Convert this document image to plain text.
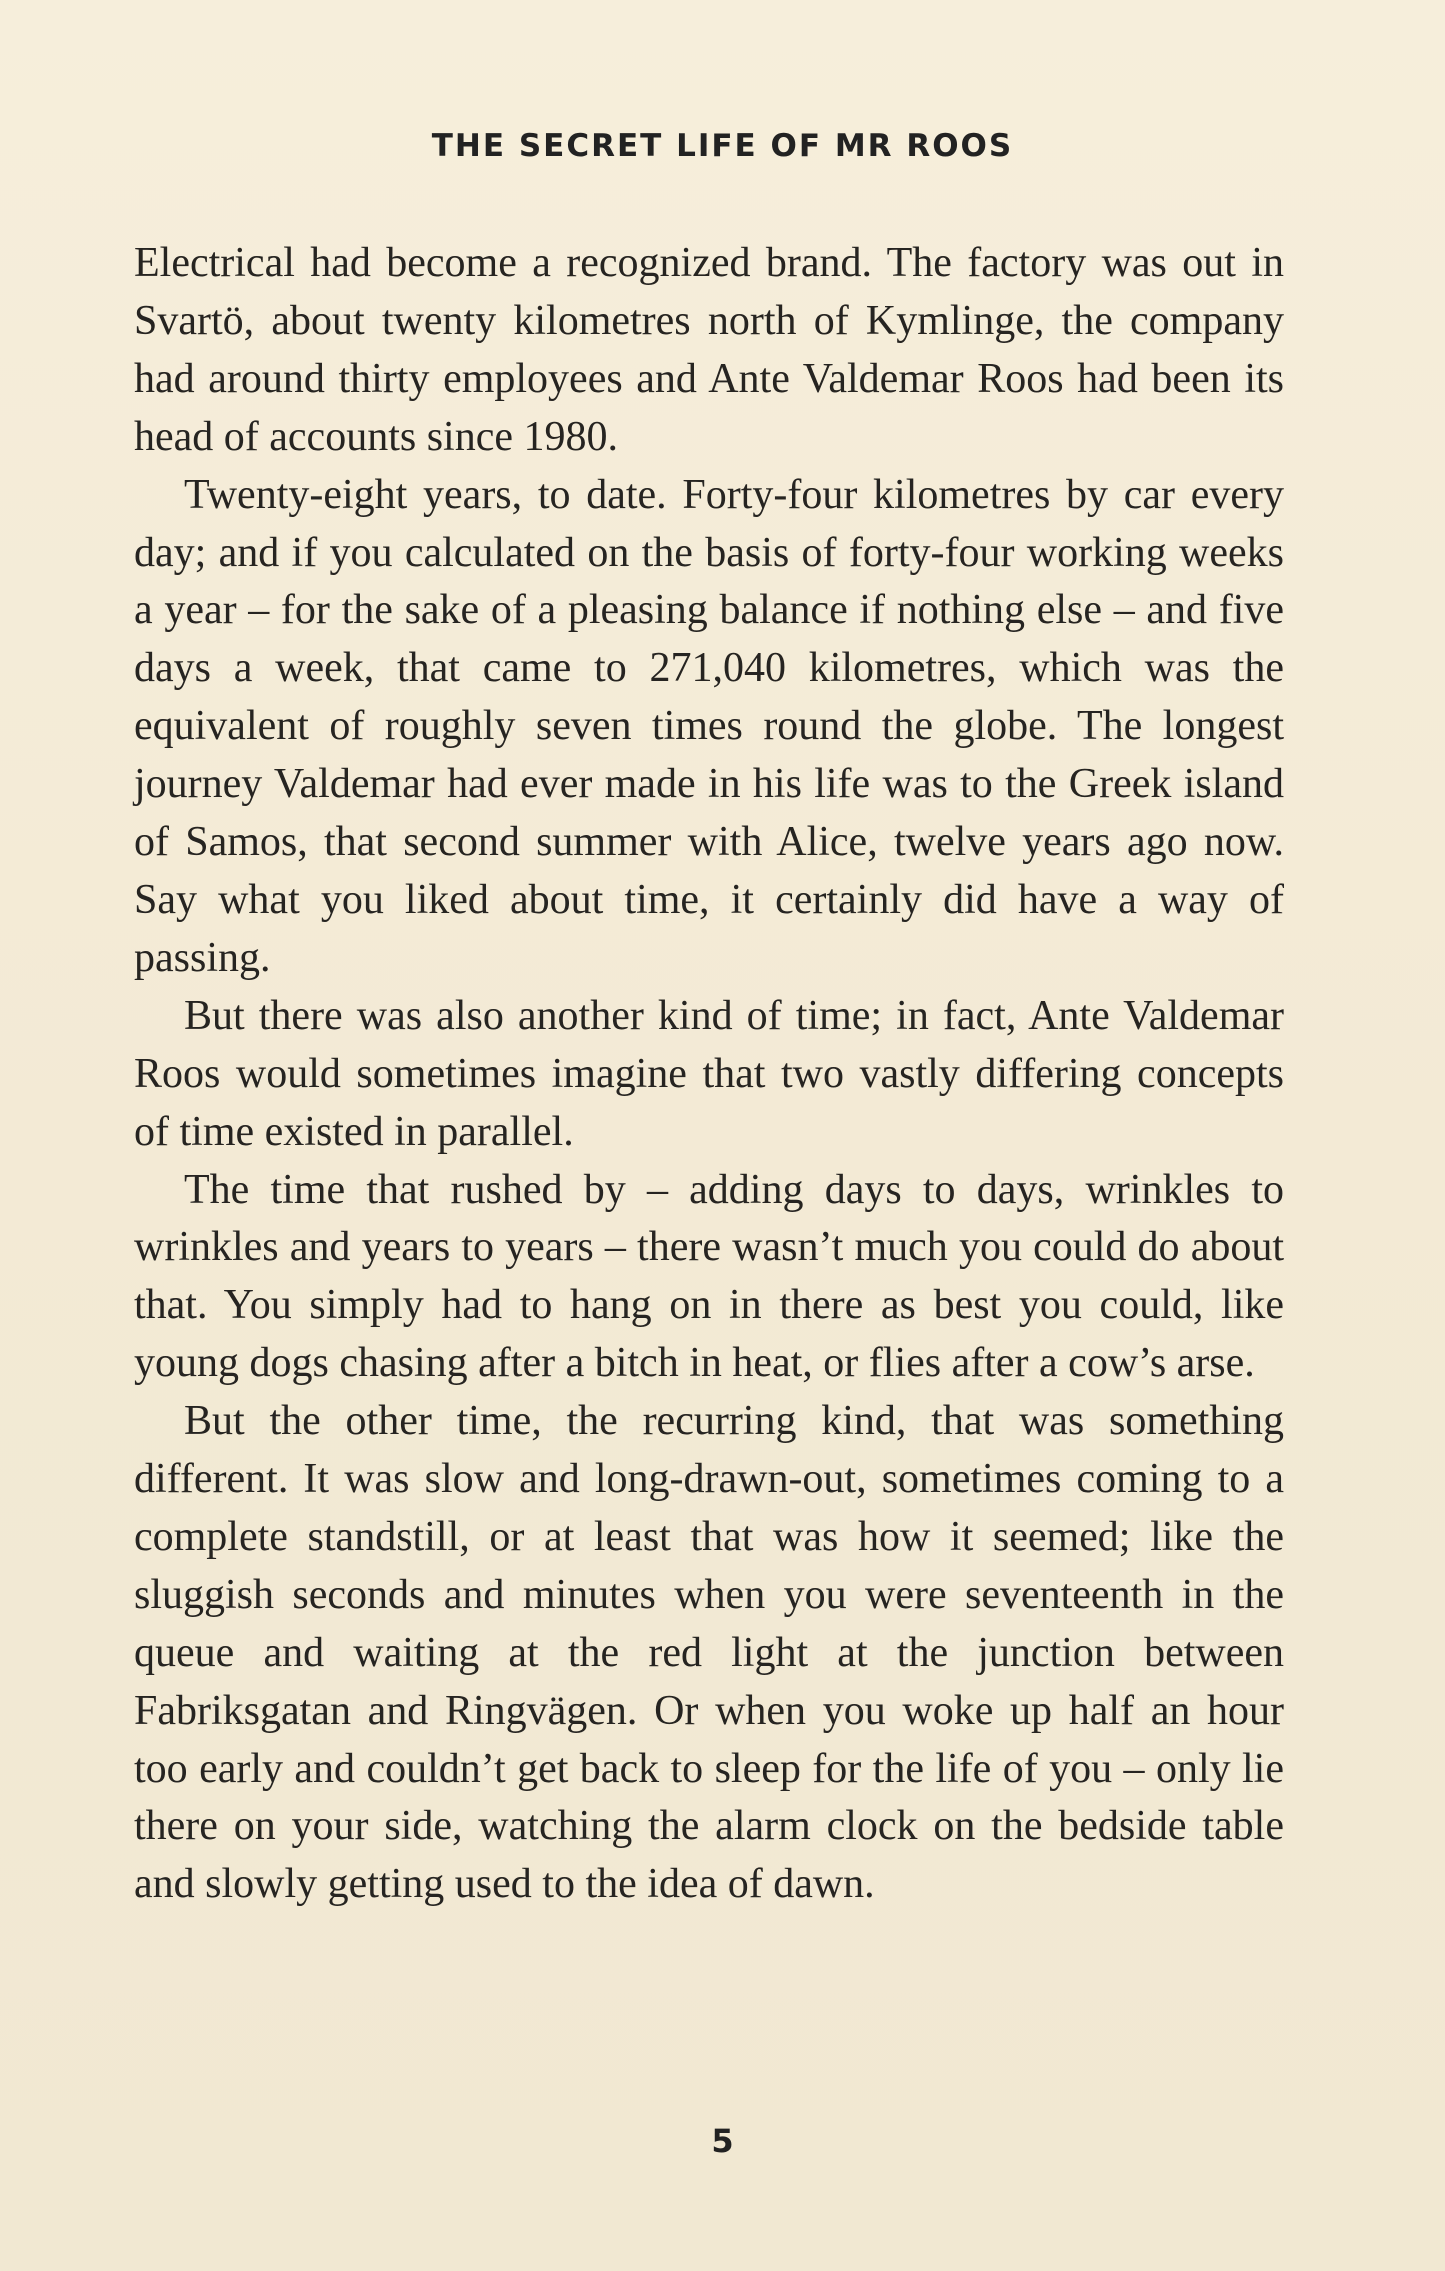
THE SECRET LIFE OF MR ROOS

Electrical had become a recognized brand. The factory was out in Svartö, about twenty kilometres north of Kymlinge, the company had around thirty employees and Ante Valdemar Roos had been its head of accounts since 1980.

Twenty-eight years, to date. Forty-four kilometres by car every day; and if you calculated on the basis of forty-four working weeks a year – for the sake of a pleasing balance if nothing else – and five days a week, that came to 271,040 kilometres, which was the equivalent of roughly seven times round the globe. The longest journey Valdemar had ever made in his life was to the Greek island of Samos, that second summer with Alice, twelve years ago now. Say what you liked about time, it certainly did have a way of passing.

But there was also another kind of time; in fact, Ante Valdemar Roos would sometimes imagine that two vastly differing concepts of time existed in parallel.

The time that rushed by – adding days to days, wrinkles to wrinkles and years to years – there wasn’t much you could do about that. You simply had to hang on in there as best you could, like young dogs chasing after a bitch in heat, or flies after a cow’s arse.

But the other time, the recurring kind, that was something different. It was slow and long-drawn-out, sometimes coming to a complete standstill, or at least that was how it seemed; like the sluggish seconds and minutes when you were seventeenth in the queue and waiting at the red light at the junction between Fabriksgatan and Ringvägen. Or when you woke up half an hour too early and couldn’t get back to sleep for the life of you – only lie there on your side, watching the alarm clock on the bedside table and slowly getting used to the idea of dawn.

5
